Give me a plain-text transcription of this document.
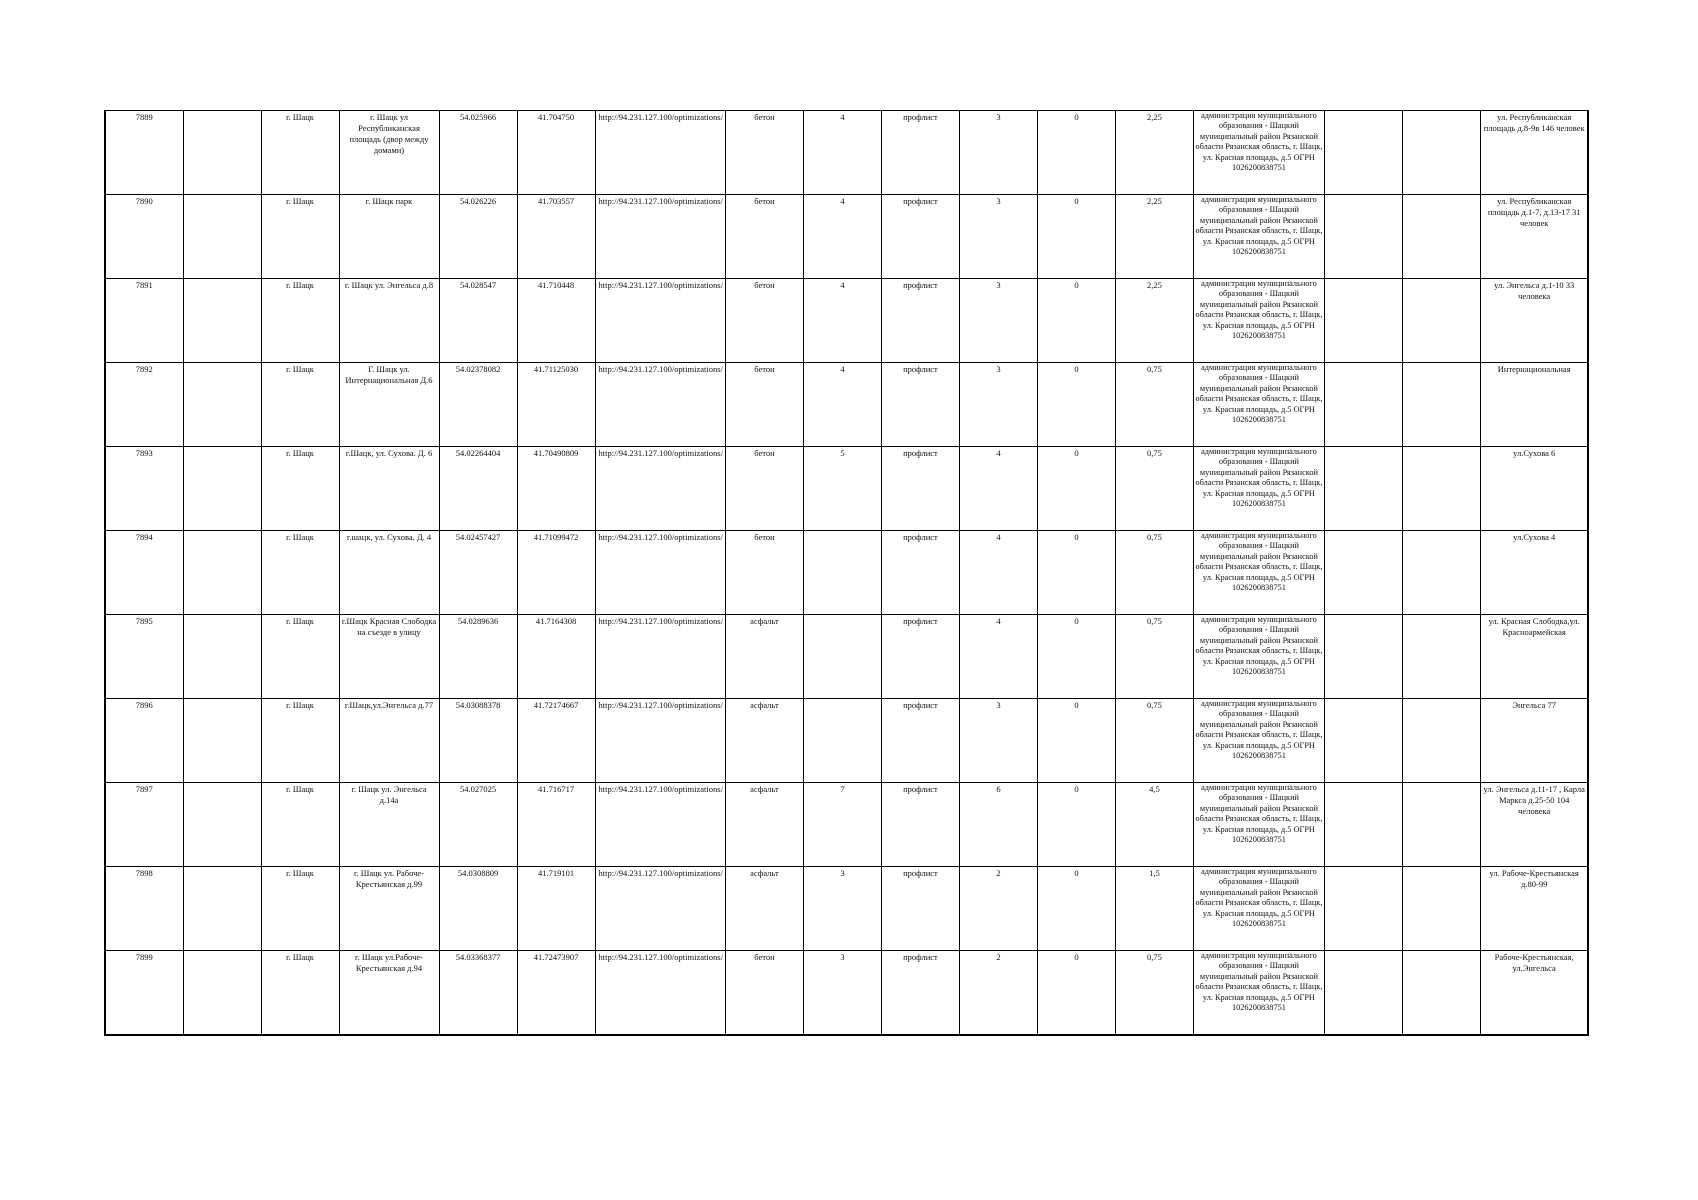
7889		г. Шацк	г. Шацк ул Республиканская площадь (двор между домами)	54.025966	41.704750	http://94.231.127.100/optimizations/	бетон	4	профлист	3	0	2,25	администрация муниципального образования - Шацкий муниципальный район Рязанской области Рязанская область, г. Шацк, ул. Красная площадь, д.5 ОГРН 1026200838751			ул. Республиканская площадь д.8-9в 146 человек
7890		г. Шацк	г. Шацк парк	54.026226	41.703557	http://94.231.127.100/optimizations/	бетон	4	профлист	3	0	2,25	администрация муниципального образования - Шацкий муниципальный район Рязанской области Рязанская область, г. Шацк, ул. Красная площадь, д.5 ОГРН 1026200838751			ул. Республиканская площадь д.1-7, д.13-17 31 человек
7891		г. Шацк	г. Шацк ул. Энгельса д.8	54.028547	41.710448	http://94.231.127.100/optimizations/	бетон	4	профлист	3	0	2,25	администрация муниципального образования - Шацкий муниципальный район Рязанской области Рязанская область, г. Шацк, ул. Красная площадь, д.5 ОГРН 1026200838751			ул. Энгельса д.1-10 33 человека
7892		г. Шацк	Г. Шацк ул. Интернациональная Д.6	54.02378082	41.71125030	http://94.231.127.100/optimizations/	бетон	4	профлист	3	0	0,75	администрация муниципального образования - Шацкий муниципальный район Рязанской области Рязанская область, г. Шацк, ул. Красная площадь, д.5 ОГРН 1026200838751			Интернациональная
7893		г. Шацк	г.Шацк, ул. Сухова. Д. 6	54.02264404	41.70490809	http://94.231.127.100/optimizations/	бетон	5	профлист	4	0	0,75	администрация муниципального образования - Шацкий муниципальный район Рязанской области Рязанская область, г. Шацк, ул. Красная площадь, д.5 ОГРН 1026200838751			ул.Сухова 6
7894		г. Шацк	г.шацк, ул. Сухова. Д. 4	54.02457427	41.71099472	http://94.231.127.100/optimizations/	бетон		профлист	4	0	0,75	администрация муниципального образования - Шацкий муниципальный район Рязанской области Рязанская область, г. Шацк, ул. Красная площадь, д.5 ОГРН 1026200838751			ул.Сухова 4
7895		г. Шацк	г.Шацк Красная Слободка на съезде в улицу	54.0289636	41.7164308	http://94.231.127.100/optimizations/	асфальт		профлист	4	0	0,75	администрация муниципального образования - Шацкий муниципальный район Рязанской области Рязанская область, г. Шацк, ул. Красная площадь, д.5 ОГРН 1026200838751			ул. Красная Слободка,ул. Красноармейская
7896		г. Шацк	г.Шацк,ул.Энгельса д.77	54.03088378	41.72174667	http://94.231.127.100/optimizations/	асфальт		профлист	3	0	0,75	администрация муниципального образования - Шацкий муниципальный район Рязанской области Рязанская область, г. Шацк, ул. Красная площадь, д.5 ОГРН 1026200838751			Энгельса 77
7897		г. Шацк	г. Шацк ул. Энгельса д.14а	54.027025	41.716717	http://94.231.127.100/optimizations/	асфальт	7	профлист	6	0	4,5	администрация муниципального образования - Шацкий муниципальный район Рязанской области Рязанская область, г. Шацк, ул. Красная площадь, д.5 ОГРН 1026200838751			ул. Энгельса д.11-17 , Карла Маркса д.25-50 104 человека
7898		г. Шацк	г. Шацк ул. Рабоче-Крестьянская д.99	54.0308809	41.719101	http://94.231.127.100/optimizations/	асфальт	3	профлист	2	0	1,5	администрация муниципального образования - Шацкий муниципальный район Рязанской области Рязанская область, г. Шацк, ул. Красная площадь, д.5 ОГРН 1026200838751			ул. Рабоче-Крестьянская д.80-99
7899		г. Шацк	г. Шацк ул.Рабоче-Крестьянская д.94	54.03368377	41.72473907	http://94.231.127.100/optimizations/	бетон	3	профлист	2	0	0,75	администрация муниципального образования - Шацкий муниципальный район Рязанской области Рязанская область, г. Шацк, ул. Красная площадь, д.5 ОГРН 1026200838751			Рабоче-Крестьянская, ул.Энгельса
